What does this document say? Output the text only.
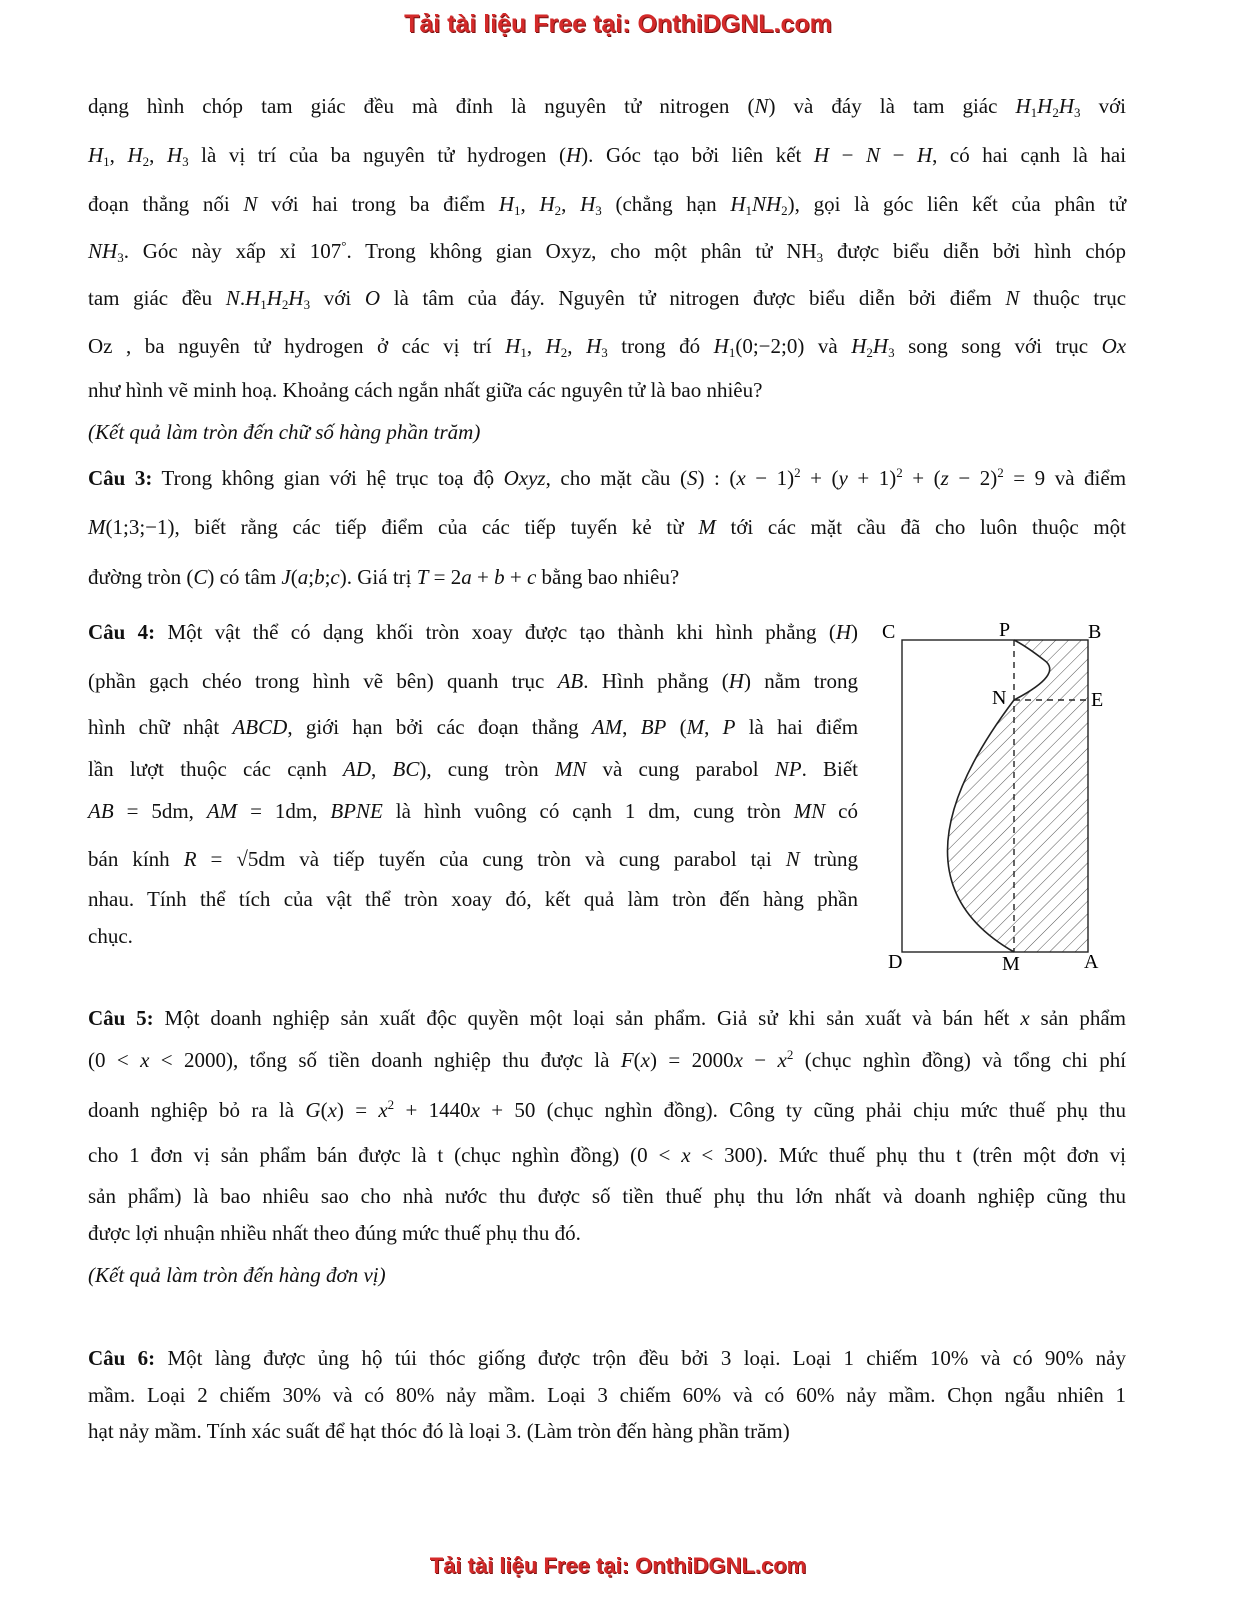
Tải tài liệu Free tại: OnthiDGNL.com
dạng hình chóp tam giác đều mà đỉnh là nguyên tử nitrogen (N) và đáy là tam giác $H_1H_2H_3$ với
$H_1$, $H_2$, $H_3$ là vị trí của ba nguyên tử hydrogen (H). Góc tạo bởi liên kết H − N − H, có hai cạnh là hai
đoạn thẳng nối N với hai trong ba điểm $H_1$, $H_2$, $H_3$ (chẳng hạn $H_1NH_2$), gọi là góc liên kết của phân tử
$NH_3$. Góc này xấp xỉ 107°. Trong không gian Oxyz, cho một phân tử $NH_3$ được biểu diễn bởi hình chóp
tam giác đều $N.H_1H_2H_3$ với O là tâm của đáy. Nguyên tử nitrogen được biểu diễn bởi điểm N thuộc trục
Oz , ba nguyên tử hydrogen ở các vị trí $H_1$, $H_2$, $H_3$ trong đó $H_1(0;-2;0)$ và $H_2H_3$ song song với trục Ox
như hình vẽ minh hoạ. Khoảng cách ngắn nhất giữa các nguyên tử là bao nhiêu?
(Kết quả làm tròn đến chữ số hàng phần trăm)
Câu 3: Trong không gian với hệ trục toạ độ Oxyz, cho mặt cầu (S) : $(x - 1)^2 + (y + 1)^2 + (z - 2)^2 = 9$ và điểm
M(1;3;−1), biết rằng các tiếp điểm của các tiếp tuyến kẻ từ M tới các mặt cầu đã cho luôn thuộc một
đường tròn (C) có tâm J(a;b;c). Giá trị T = 2a + b + c bằng bao nhiêu?
Câu 4: Một vật thể có dạng khối tròn xoay được tạo thành khi hình phẳng (H)
(phần gạch chéo trong hình vẽ bên) quanh trục AB. Hình phẳng (H) nằm trong
hình chữ nhật ABCD, giới hạn bởi các đoạn thẳng AM, BP (M, P là hai điểm
lần lượt thuộc các cạnh AD, BC), cung tròn MN và cung parabol NP. Biết
AB = 5dm, AM = 1dm, BPNE là hình vuông có cạnh 1 dm, cung tròn MN có
bán kính R = √5dm và tiếp tuyến của cung tròn và cung parabol tại N trùng
nhau. Tính thể tích của vật thể tròn xoay đó, kết quả làm tròn đến hàng phần
chục.
C	P	B
N	E
D	M	A
Câu 5: Một doanh nghiệp sản xuất độc quyền một loại sản phẩm. Giả sử khi sản xuất và bán hết x sản phẩm
(0 < x < 2000), tổng số tiền doanh nghiệp thu được là $F(x) = 2000x - x^2$ (chục nghìn đồng) và tổng chi phí
doanh nghiệp bỏ ra là $G(x) = x^2 + 1440x + 50$ (chục nghìn đồng). Công ty cũng phải chịu mức thuế phụ thu
cho 1 đơn vị sản phẩm bán được là t (chục nghìn đồng) (0 < x < 300). Mức thuế phụ thu t (trên một đơn vị
sản phẩm) là bao nhiêu sao cho nhà nước thu được số tiền thuế phụ thu lớn nhất và doanh nghiệp cũng thu
được lợi nhuận nhiều nhất theo đúng mức thuế phụ thu đó.
(Kết quả làm tròn đến hàng đơn vị)
Câu 6: Một làng được ủng hộ túi thóc giống được trộn đều bởi 3 loại. Loại 1 chiếm 10% và có 90% nảy
mầm. Loại 2 chiếm 30% và có 80% nảy mầm. Loại 3 chiếm 60% và có 60% nảy mầm. Chọn ngẫu nhiên 1
hạt nảy mầm. Tính xác suất để hạt thóc đó là loại 3. (Làm tròn đến hàng phần trăm)
Tải tài liệu Free tại: OnthiDGNL.com
